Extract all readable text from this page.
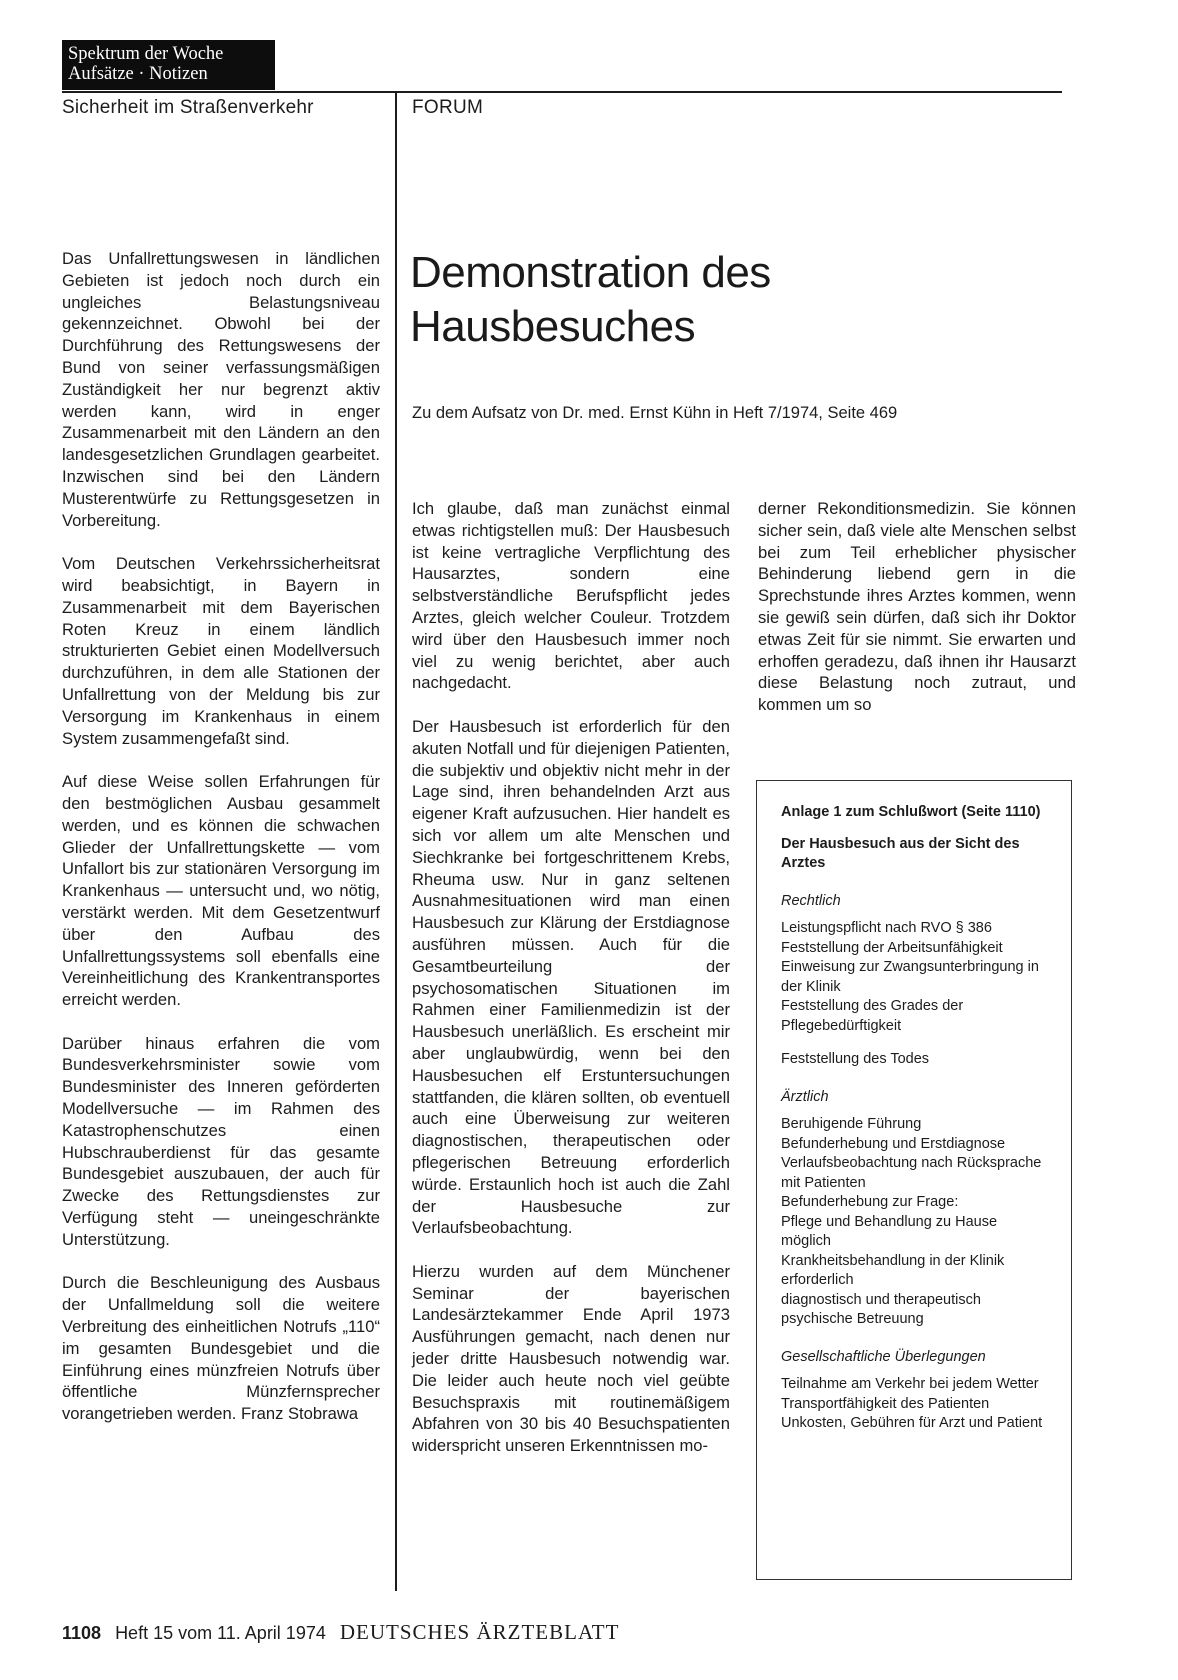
Spektrum der Woche
Aufsätze · Notizen
Sicherheit im Straßenverkehr	FORUM
Demonstration des
Hausbesuches
Zu dem Aufsatz von Dr. med. Ernst Kühn in Heft 7/1974, Seite 469

Das Unfallrettungswesen in ländlichen Gebieten ist jedoch noch durch ein ungleiches Belastungsniveau gekennzeichnet. Obwohl bei der Durchführung des Rettungswesens der Bund von seiner verfassungsmäßigen Zuständigkeit her nur begrenzt aktiv werden kann, wird in enger Zusammenarbeit mit den Ländern an den landesgesetzlichen Grundlagen gearbeitet. Inzwischen sind bei den Ländern Musterentwürfe zu Rettungsgesetzen in Vorbereitung.

Vom Deutschen Verkehrssicherheitsrat wird beabsichtigt, in Bayern in Zusammenarbeit mit dem Bayerischen Roten Kreuz in einem ländlich strukturierten Gebiet einen Modellversuch durchzuführen, in dem alle Stationen der Unfallrettung von der Meldung bis zur Versorgung im Krankenhaus in einem System zusammengefaßt sind.

Auf diese Weise sollen Erfahrungen für den bestmöglichen Ausbau gesammelt werden, und es können die schwachen Glieder der Unfallrettungskette — vom Unfallort bis zur stationären Versorgung im Krankenhaus — untersucht und, wo nötig, verstärkt werden. Mit dem Gesetzentwurf über den Aufbau des Unfallrettungssystems soll ebenfalls eine Vereinheitlichung des Krankentransportes erreicht werden.

Darüber hinaus erfahren die vom Bundesverkehrsminister sowie vom Bundesminister des Inneren geförderten Modellversuche — im Rahmen des Katastrophenschutzes einen Hubschrauberdienst für das gesamte Bundesgebiet auszubauen, der auch für Zwecke des Rettungsdienstes zur Verfügung steht — uneingeschränkte Unterstützung.

Durch die Beschleunigung des Ausbaus der Unfallmeldung soll die weitere Verbreitung des einheitlichen Notrufs „110“ im gesamten Bundesgebiet und die Einführung eines münzfreien Notrufs über öffentliche Münzfernsprecher vorangetrieben werden. Franz Stobrawa

Ich glaube, daß man zunächst einmal etwas richtigstellen muß: Der Hausbesuch ist keine vertragliche Verpflichtung des Hausarztes, sondern eine selbstverständliche Berufspflicht jedes Arztes, gleich welcher Couleur. Trotzdem wird über den Hausbesuch immer noch viel zu wenig berichtet, aber auch nachgedacht.

Der Hausbesuch ist erforderlich für den akuten Notfall und für diejenigen Patienten, die subjektiv und objektiv nicht mehr in der Lage sind, ihren behandelnden Arzt aus eigener Kraft aufzusuchen. Hier handelt es sich vor allem um alte Menschen und Siechkranke bei fortgeschrittenem Krebs, Rheuma usw. Nur in ganz seltenen Ausnahmesituationen wird man einen Hausbesuch zur Klärung der Erstdiagnose ausführen müssen. Auch für die Gesamtbeurteilung der psychosomatischen Situationen im Rahmen einer Familienmedizin ist der Hausbesuch unerläßlich. Es erscheint mir aber unglaubwürdig, wenn bei den Hausbesuchen elf Erstuntersuchungen stattfanden, die klären sollten, ob eventuell auch eine Überweisung zur weiteren diagnostischen, therapeutischen oder pflegerischen Betreuung erforderlich würde. Erstaunlich hoch ist auch die Zahl der Hausbesuche zur Verlaufsbeobachtung.

Hierzu wurden auf dem Münchener Seminar der bayerischen Landesärztekammer Ende April 1973 Ausführungen gemacht, nach denen nur jeder dritte Hausbesuch notwendig war. Die leider auch heute noch viel geübte Besuchspraxis mit routinemäßigem Abfahren von 30 bis 40 Besuchspatienten widerspricht unseren Erkenntnissen mo-

derner Rekonditionsmedizin. Sie können sicher sein, daß viele alte Menschen selbst bei zum Teil erheblicher physischer Behinderung liebend gern in die Sprechstunde ihres Arztes kommen, wenn sie gewiß sein dürfen, daß sich ihr Doktor etwas Zeit für sie nimmt. Sie erwarten und erhoffen geradezu, daß ihnen ihr Hausarzt diese Belastung noch zutraut, und kommen um so

Anlage 1 zum Schlußwort (Seite 1110)
Der Hausbesuch aus der Sicht des Arztes
Rechtlich
Leistungspflicht nach RVO § 386
Feststellung der Arbeitsunfähigkeit
Einweisung zur Zwangsunterbringung in der Klinik
Feststellung des Grades der Pflegebedürftigkeit
Feststellung des Todes
Ärztlich
Beruhigende Führung
Befunderhebung und Erstdiagnose
Verlaufsbeobachtung nach Rücksprache mit Patienten
Befunderhebung zur Frage:
Pflege und Behandlung zu Hause möglich
Krankheitsbehandlung in der Klinik erforderlich
diagnostisch und therapeutisch psychische Betreuung
Gesellschaftliche Überlegungen
Teilnahme am Verkehr bei jedem Wetter
Transportfähigkeit des Patienten
Unkosten, Gebühren für Arzt und Patient
1108 Heft 15 vom 11. April 1974 DEUTSCHES ÄRZTEBLATT
